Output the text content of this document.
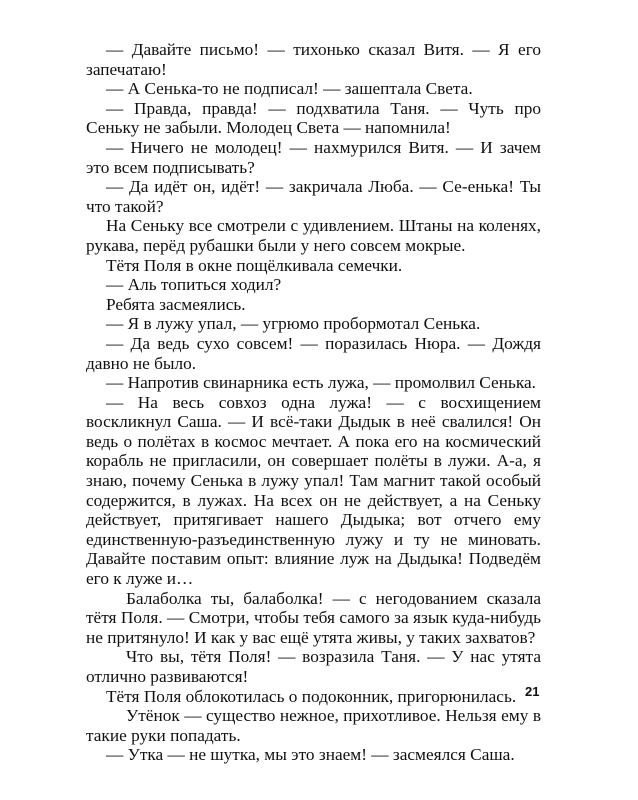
— Давайте письмо! — тихонько сказал Витя. — Я его запечатаю!

— А Сенька-то не подписал! — зашептала Света.

— Правда, правда! — подхватила Таня. — Чуть про Сеньку не забыли. Молодец Света — напомнила!

— Ничего не молодец! — нахмурился Витя. — И зачем это всем подписывать?

— Да идёт он, идёт! — закричала Люба. — Се-енька! Ты что такой?

На Сеньку все смотрели с удивлением. Штаны на коленях, рукава, перёд рубашки были у него совсем мокрые.

Тётя Поля в окне пощёлкивала семечки.

— Аль топиться ходил?

Ребята засмеялись.

— Я в лужу упал, — угрюмо пробормотал Сенька.

— Да ведь сухо совсем! — поразилась Нюра. — Дождя давно не было.

— Напротив свинарника есть лужа, — промолвил Сенька.

— На весь совхоз одна лужа! — с восхищением воскликнул Саша. — И всё-таки Дыдык в неё свалился! Он ведь о полётах в космос мечтает. А пока его на космический корабль не пригласили, он совершает полёты в лужи. А-а, я знаю, почему Сенька в лужу упал! Там магнит такой особый содержится, в лужах. На всех он не действует, а на Сеньку действует, притягивает нашего Дыдыка; вот отчего ему единственную-разъединственную лужу и ту не миновать. Давайте поставим опыт: влияние луж на Дыдыка! Подведём его к луже и…

Балаболка ты, балаболка! — с негодованием сказала тётя Поля. — Смотри, чтобы тебя самого за язык куда-нибудь не притянуло! И как у вас ещё утята живы, у таких захватов?

Что вы, тётя Поля! — возразила Таня. — У нас утята отлично развиваются!

Тётя Поля облокотилась о подоконник, пригорюнилась.

Утёнок — существо нежное, прихотливое. Нельзя ему в такие руки попадать.

— Утка — не шутка, мы это знаем! — засмеялся Саша.

21
